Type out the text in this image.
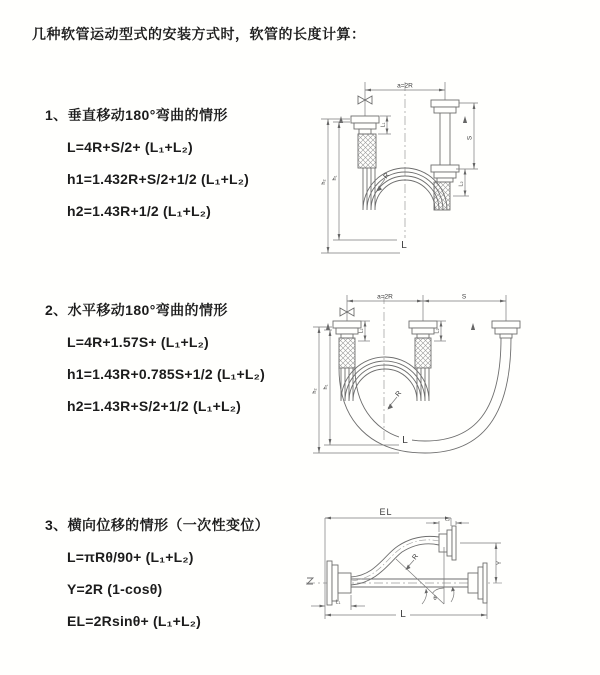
几种软管运动型式的安装方式时，软管的长度计算：
1、垂直移动180°弯曲的情形
L=4R+S/2+ (L₁+L₂)
h1=1.432R+S/2+1/2 (L₁+L₂)
h2=1.43R+1/2 (L₁+L₂)
2、水平移动180°弯曲的情形
L=4R+1.57S+ (L₁+L₂)
h1=1.43R+0.785S+1/2 (L₁+L₂)
h2=1.43R+S/2+1/2 (L₁+L₂)
3、横向位移的情形（一次性变位）
L=πRθ/90+ (L₁+L₂)
Y=2R (1-cosθ)
EL=2Rsinθ+ (L₁+L₂)
a=2R
L₁
S
L₂
h₂
h₁	R
L
a=2R	S
L₁	L₂
h₂
h₁
R
L
EL
L₂
Y
R
θ
L₁
L
